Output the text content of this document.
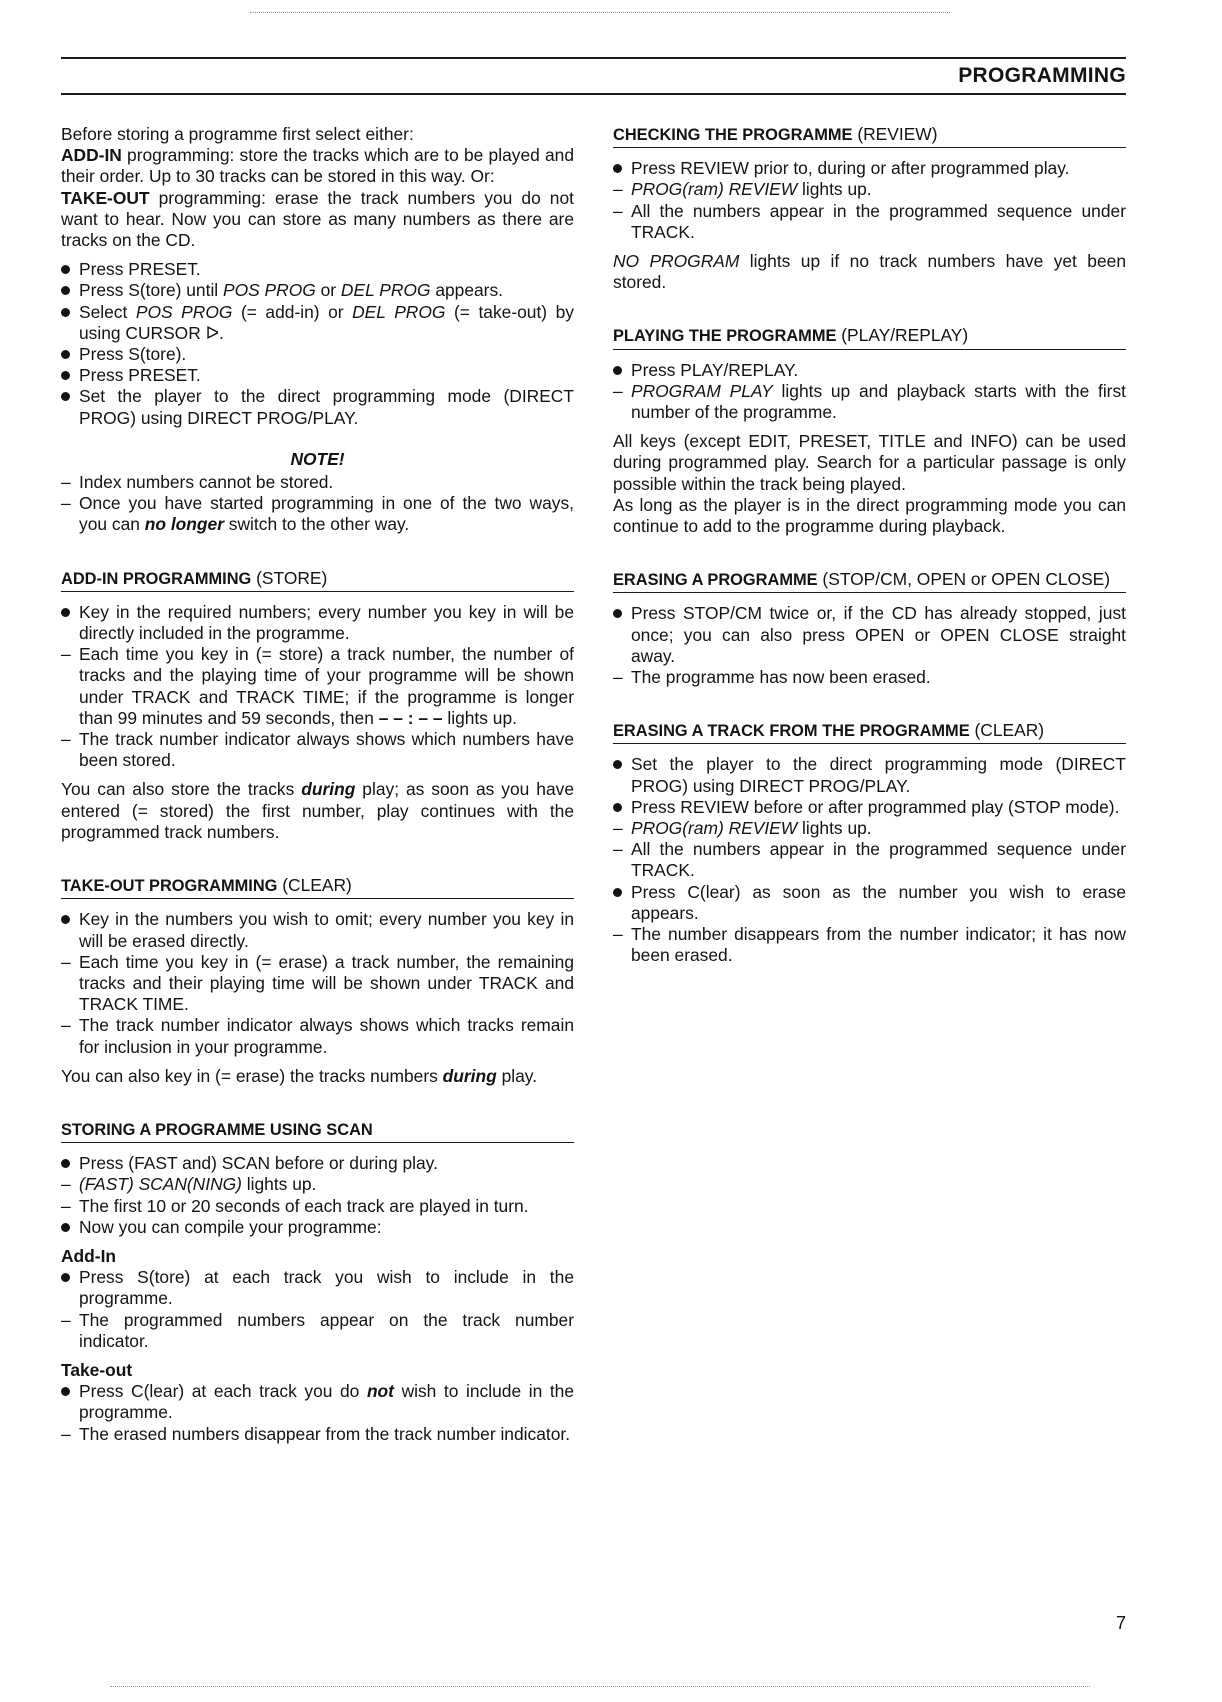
PROGRAMMING

Before storing a programme first select either:
ADD-IN programming: store the tracks which are to be played and their order. Up to 30 tracks can be stored in this way. Or:
TAKE-OUT programming: erase the track numbers you do not want to hear. Now you can store as many numbers as there are tracks on the CD.

Press PRESET.
Press S(tore) until POS PROG or DEL PROG appears.
Select POS PROG (= add-in) or DEL PROG (= take-out) by using CURSOR ᐅ.
Press S(tore).
Press PRESET.
Set the player to the direct programming mode (DIRECT PROG) using DIRECT PROG/PLAY.
NOTE!
– Index numbers cannot be stored.
– Once you have started programming in one of the two ways, you can no longer switch to the other way.
ADD-IN PROGRAMMING (STORE)
Key in the required numbers; every number you key in will be directly included in the programme.
– Each time you key in (= store) a track number, the number of tracks and the playing time of your programme will be shown under TRACK and TRACK TIME; if the programme is longer than 99 minutes and 59 seconds, then – – : – – lights up.
– The track number indicator always shows which numbers have been stored.

You can also store the tracks during play; as soon as you have entered (= stored) the first number, play continues with the programmed track numbers.

TAKE-OUT PROGRAMMING (CLEAR)
Key in the numbers you wish to omit; every number you key in will be erased directly.
– Each time you key in (= erase) a track number, the remaining tracks and their playing time will be shown under TRACK and TRACK TIME.
– The track number indicator always shows which tracks remain for inclusion in your programme.

You can also key in (= erase) the tracks numbers during play.

STORING A PROGRAMME USING SCAN
Press (FAST and) SCAN before or during play.
– (FAST) SCAN(NING) lights up.
– The first 10 or 20 seconds of each track are played in turn.
Now you can compile your programme:
Add-In
Press S(tore) at each track you wish to include in the programme.
– The programmed numbers appear on the track number indicator.
Take-out
Press C(lear) at each track you do not wish to include in the programme.
– The erased numbers disappear from the track number indicator.
CHECKING THE PROGRAMME (REVIEW)
Press REVIEW prior to, during or after programmed play.
– PROG(ram) REVIEW lights up.
– All the numbers appear in the programmed sequence under TRACK.

NO PROGRAM lights up if no track numbers have yet been stored.

PLAYING THE PROGRAMME (PLAY/REPLAY)
Press PLAY/REPLAY.
– PROGRAM PLAY lights up and playback starts with the first number of the programme.

All keys (except EDIT, PRESET, TITLE and INFO) can be used during programmed play. Search for a particular passage is only possible within the track being played.

As long as the player is in the direct programming mode you can continue to add to the programme during playback.

ERASING A PROGRAMME (STOP/CM, OPEN or OPEN CLOSE)
Press STOP/CM twice or, if the CD has already stopped, just once; you can also press OPEN or OPEN CLOSE straight away.
– The programme has now been erased.
ERASING A TRACK FROM THE PROGRAMME (CLEAR)
Set the player to the direct programming mode (DIRECT PROG) using DIRECT PROG/PLAY.
Press REVIEW before or after programmed play (STOP mode).
– PROG(ram) REVIEW lights up.
– All the numbers appear in the programmed sequence under TRACK.
Press C(lear) as soon as the number you wish to erase appears.
– The number disappears from the number indicator; it has now been erased.
7
